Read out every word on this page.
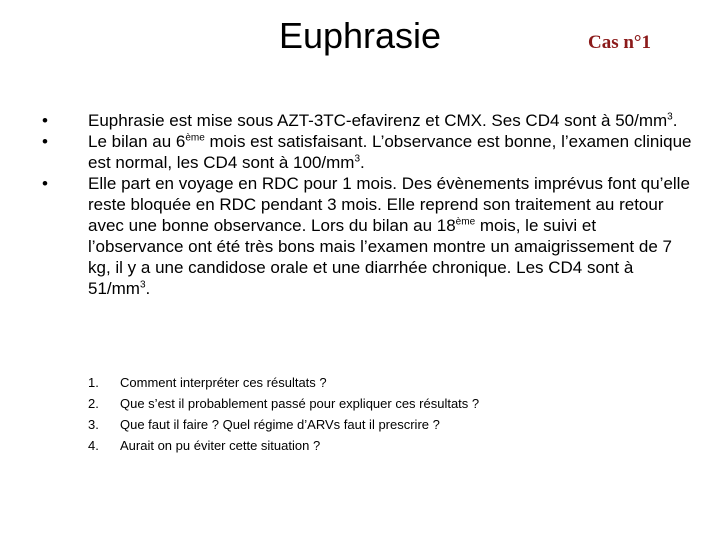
Euphrasie	Cas n°1
•	Euphrasie est mise sous AZT-3TC-efavirenz et CMX. Ses CD4 sont à $50/mm^3$.
•	Le bilan au 6ème mois est satisfaisant. L’observance est bonne, l’examen clinique est normal, les CD4 sont à $100/mm^3$.
•	Elle part en voyage en RDC pour 1 mois. Des évènements imprévus font qu’elle reste bloquée en RDC pendant 3 mois. Elle reprend son traitement au retour avec une bonne observance. Lors du bilan au 18ème mois, le suivi et l’observance ont été très bons mais l’examen montre un amaigrissement de 7 kg, il y a une candidose orale et une diarrhée chronique. Les CD4 sont à $51/mm^3$.
1. Comment interpréter ces résultats ?
2. Que s’est il probablement passé pour expliquer ces résultats ?
3. Que faut il faire ? Quel régime d’ARVs faut il prescrire ?
4. Aurait on pu éviter cette situation ?
